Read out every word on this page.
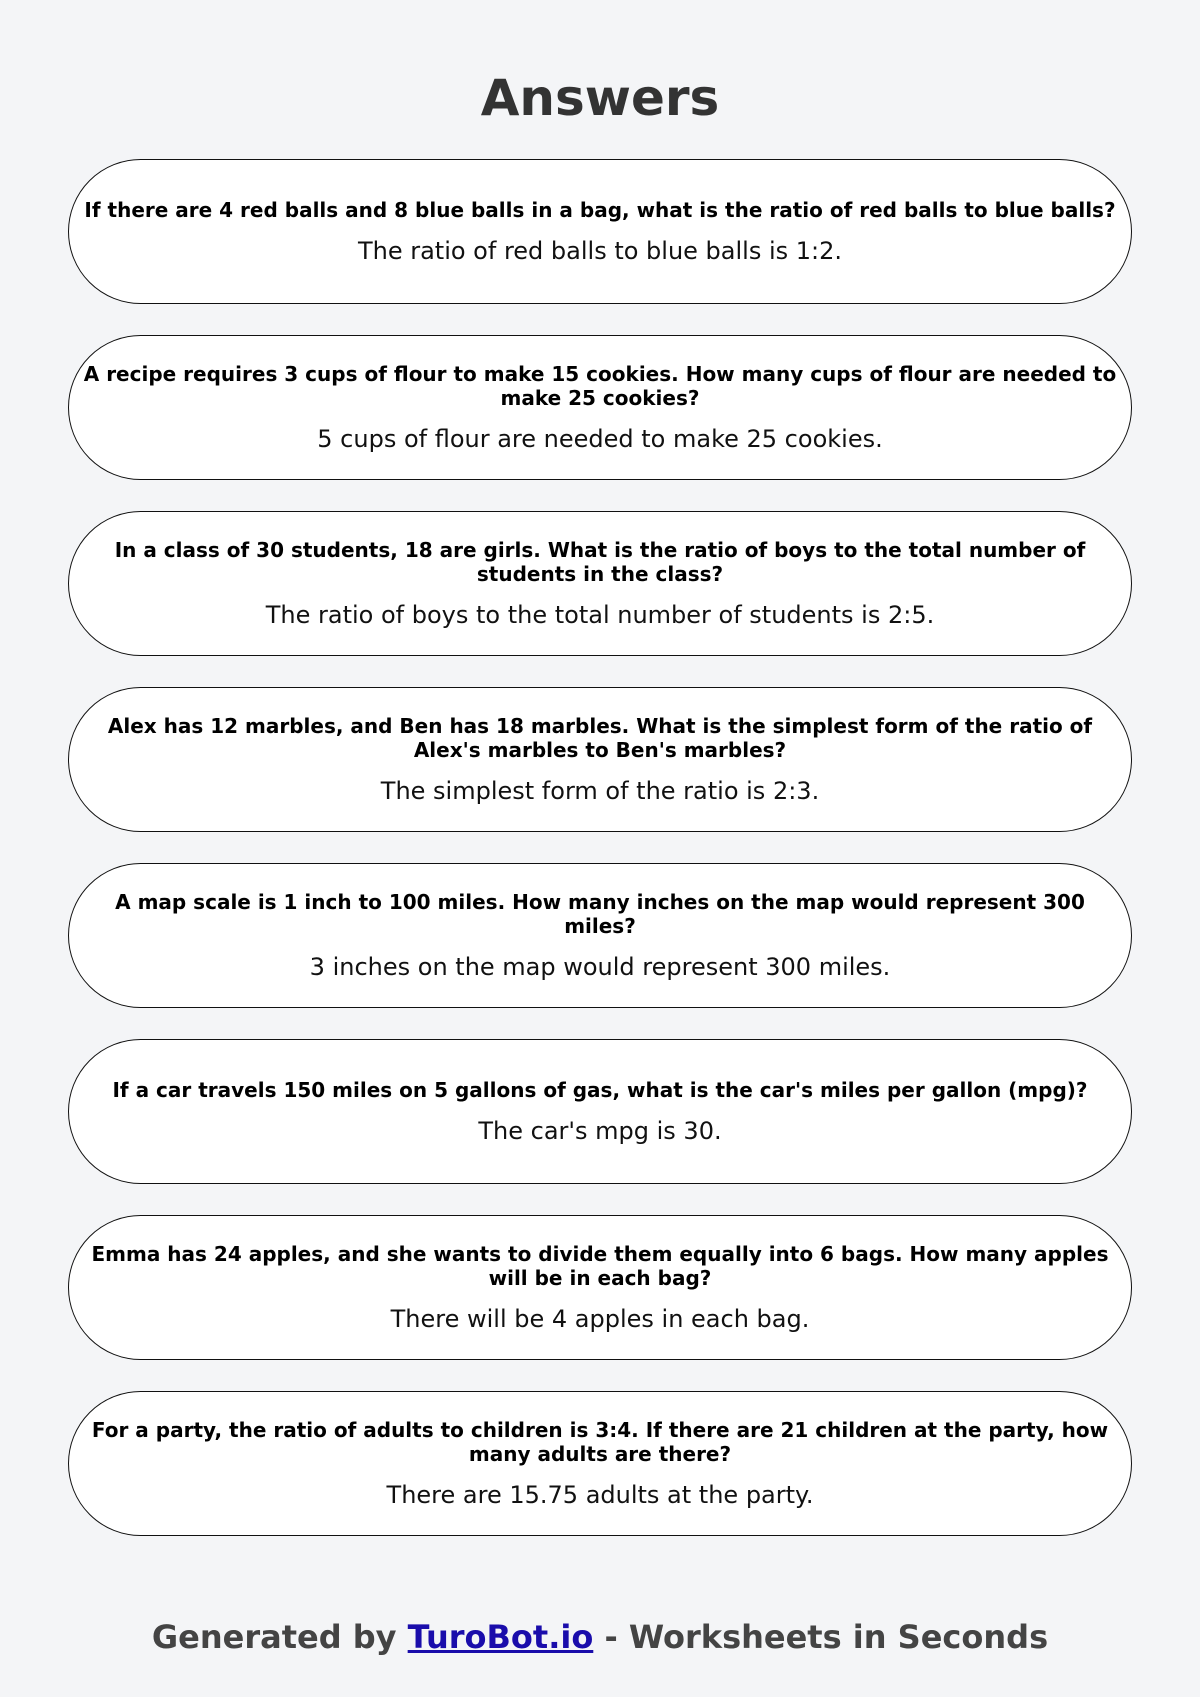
Answers
If there are 4 red balls and 8 blue balls in a bag, what is the ratio of red balls to blue balls?
The ratio of red balls to blue balls is 1:2.
A recipe requires 3 cups of flour to make 15 cookies. How many cups of flour are needed to make 25 cookies?
5 cups of flour are needed to make 25 cookies.
In a class of 30 students, 18 are girls. What is the ratio of boys to the total number of students in the class?
The ratio of boys to the total number of students is 2:5.
Alex has 12 marbles, and Ben has 18 marbles. What is the simplest form of the ratio of Alex's marbles to Ben's marbles?
The simplest form of the ratio is 2:3.
A map scale is 1 inch to 100 miles. How many inches on the map would represent 300 miles?
3 inches on the map would represent 300 miles.
If a car travels 150 miles on 5 gallons of gas, what is the car's miles per gallon (mpg)?
The car's mpg is 30.
Emma has 24 apples, and she wants to divide them equally into 6 bags. How many apples will be in each bag?
There will be 4 apples in each bag.
For a party, the ratio of adults to children is 3:4. If there are 21 children at the party, how many adults are there?
There are 15.75 adults at the party.
Generated by TuroBot.io - Worksheets in Seconds
